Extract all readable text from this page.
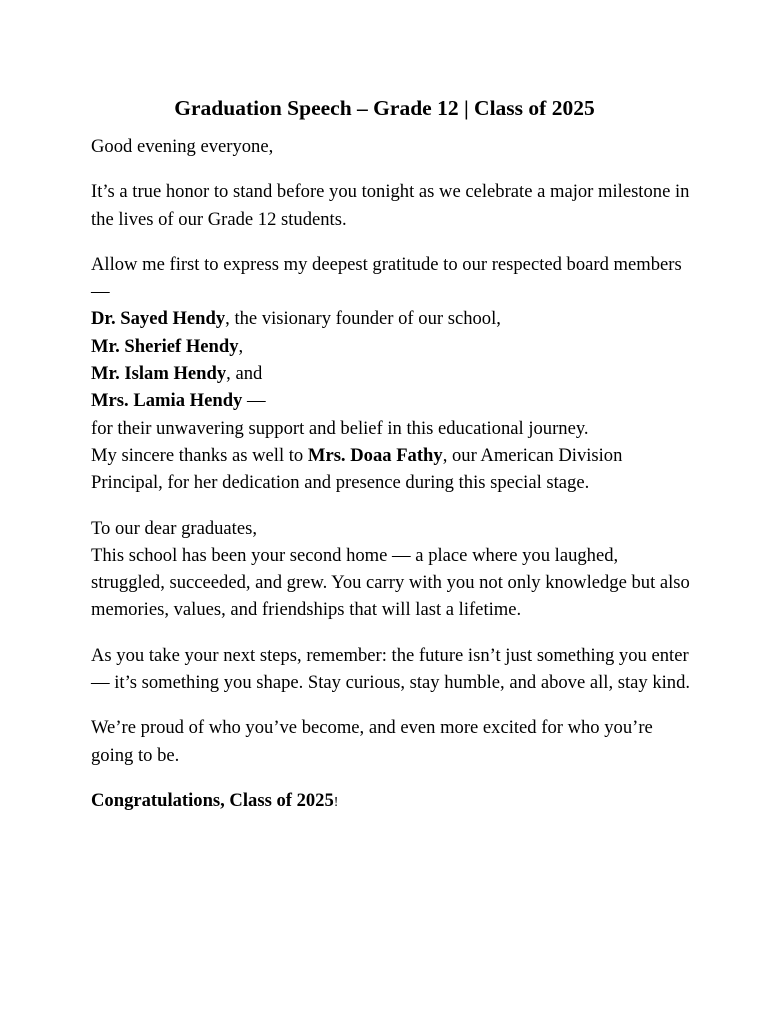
Graduation Speech – Grade 12 | Class of 2025

Good evening everyone,

It’s a true honor to stand before you tonight as we celebrate a major milestone in the lives of our Grade 12 students.

Allow me first to express my deepest gratitude to our respected board members —
Dr. Sayed Hendy, the visionary founder of our school,
Mr. Sherief Hendy,
Mr. Islam Hendy, and
Mrs. Lamia Hendy —
for their unwavering support and belief in this educational journey.
My sincere thanks as well to Mrs. Doaa Fathy, our American Division Principal, for her dedication and presence during this special stage.

To our dear graduates,
This school has been your second home — a place where you laughed, struggled, succeeded, and grew. You carry with you not only knowledge but also memories, values, and friendships that will last a lifetime.

As you take your next steps, remember: the future isn’t just something you enter — it’s something you shape. Stay curious, stay humble, and above all, stay kind.

We’re proud of who you’ve become, and even more excited for who you’re going to be.

Congratulations, Class of 2025!
